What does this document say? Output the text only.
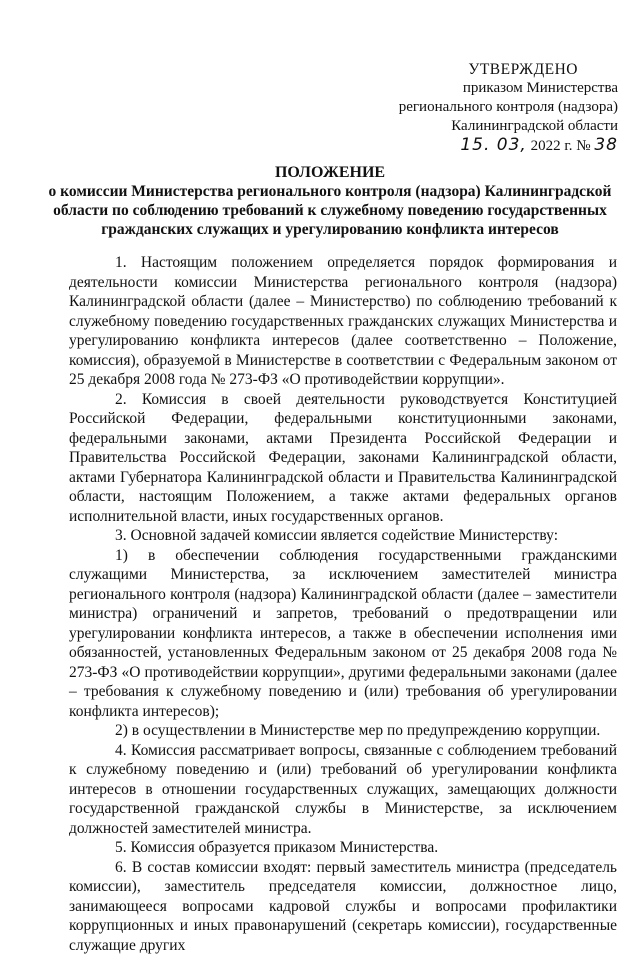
УТВЕРЖДЕНО
приказом Министерства
регионального контроля (надзора)
Калининградской области
15. 03, 2022 г. № 38
ПОЛОЖЕНИЕ
о комиссии Министерства регионального контроля (надзора) Калининградской области по соблюдению требований к служебному поведению государственных гражданских служащих и урегулированию конфликта интересов

1. Настоящим положением определяется порядок формирования и деятельности комиссии Министерства регионального контроля (надзора) Калининградской области (далее – Министерство) по соблюдению требований к служебному поведению государственных гражданских служащих Министерства и урегулированию конфликта интересов (далее соответственно – Положение, комиссия), образуемой в Министерстве в соответствии с Федеральным законом от 25 декабря 2008 года № 273-ФЗ «О противодействии коррупции».

2. Комиссия в своей деятельности руководствуется Конституцией Российской Федерации, федеральными конституционными законами, федеральными законами, актами Президента Российской Федерации и Правительства Российской Федерации, законами Калининградской области, актами Губернатора Калининградской области и Правительства Калининградской области, настоящим Положением, а также актами федеральных органов исполнительной власти, иных государственных органов.

3. Основной задачей комиссии является содействие Министерству:

1) в обеспечении соблюдения государственными гражданскими служащими Министерства, за исключением заместителей министра регионального контроля (надзора) Калининградской области (далее – заместители министра) ограничений и запретов, требований о предотвращении или урегулировании конфликта интересов, а также в обеспечении исполнения ими обязанностей, установленных Федеральным законом от 25 декабря 2008 года № 273-ФЗ «О противодействии коррупции», другими федеральными законами (далее – требования к служебному поведению и (или) требования об урегулировании конфликта интересов);

2) в осуществлении в Министерстве мер по предупреждению коррупции.

4. Комиссия рассматривает вопросы, связанные с соблюдением требований к служебному поведению и (или) требований об урегулировании конфликта интересов в отношении государственных служащих, замещающих должности государственной гражданской службы в Министерстве, за исключением должностей заместителей министра.

5. Комиссия образуется приказом Министерства.

6. В состав комиссии входят: первый заместитель министра (председатель комиссии), заместитель председателя комиссии, должностное лицо, занимающееся вопросами кадровой службы и вопросами профилактики коррупционных и иных правонарушений (секретарь комиссии), государственные служащие других
